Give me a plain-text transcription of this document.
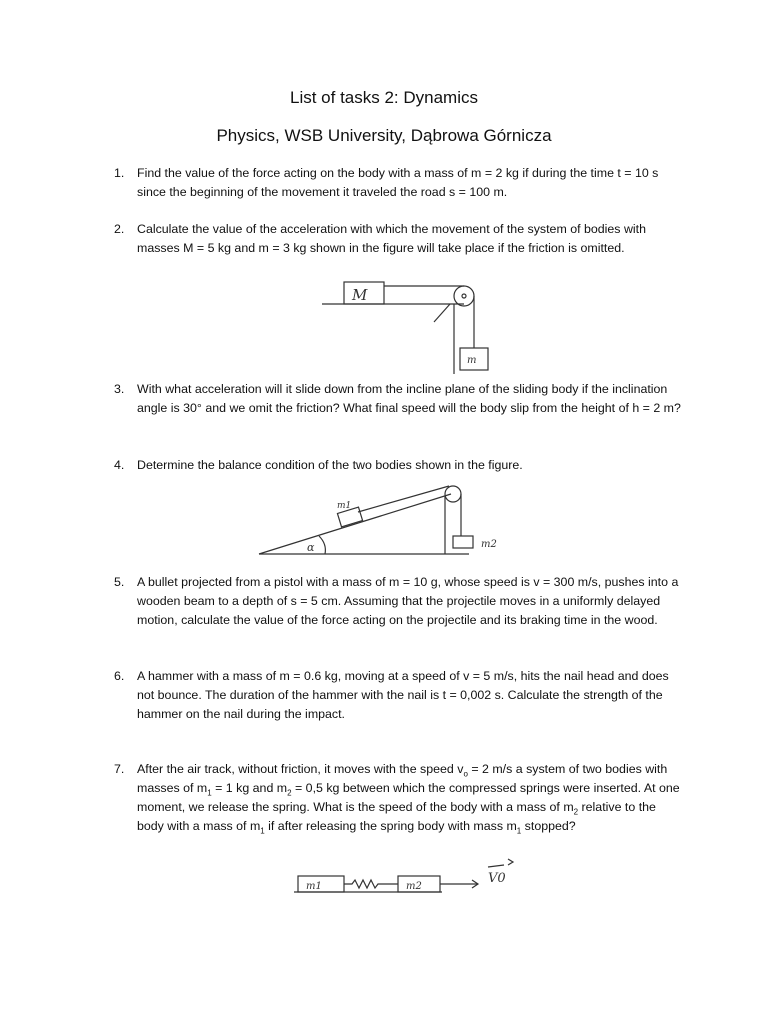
List of tasks 2: Dynamics
Physics, WSB University, Dąbrowa Górnicza
1.	Find the value of the force acting on the body with a mass of m = 2 kg if during the time t = 10 s since the beginning of the movement it traveled the road s = 100 m.
2.	Calculate the value of the acceleration with which the movement of the system of bodies with masses M = 5 kg and m = 3 kg shown in the figure will take place if the friction is omitted.
M
m
3.	With what acceleration will it slide down from the incline plane of the sliding body if the inclination angle is 30° and we omit the friction? What final speed will the body slip from the height of h = 2 m?
4.	Determine the balance condition of the two bodies shown in the figure.
m1
m2
α
5.	A bullet projected from a pistol with a mass of m = 10 g, whose speed is v = 300 m/s, pushes into a wooden beam to a depth of s = 5 cm. Assuming that the projectile moves in a uniformly delayed motion, calculate the value of the force acting on the projectile and its braking time in the wood.
6.	A hammer with a mass of m = 0.6 kg, moving at a speed of v = 5 m/s, hits the nail head and does not bounce. The duration of the hammer with the nail is t = 0,002 s. Calculate the strength of the hammer on the nail during the impact.
7.	After the air track, without friction, it moves with the speed $v_o = 2$ m/s a system of two bodies with masses of $m_1 = 1$ kg and $m_2 = 0,5$ kg between which the compressed springs were inserted. At one moment, we release the spring. What is the speed of the body with a mass of $m_2$ relative to the body with a mass of $m_1$ if after releasing the spring body with mass $m_1$ stopped?
m1	m2
V0
